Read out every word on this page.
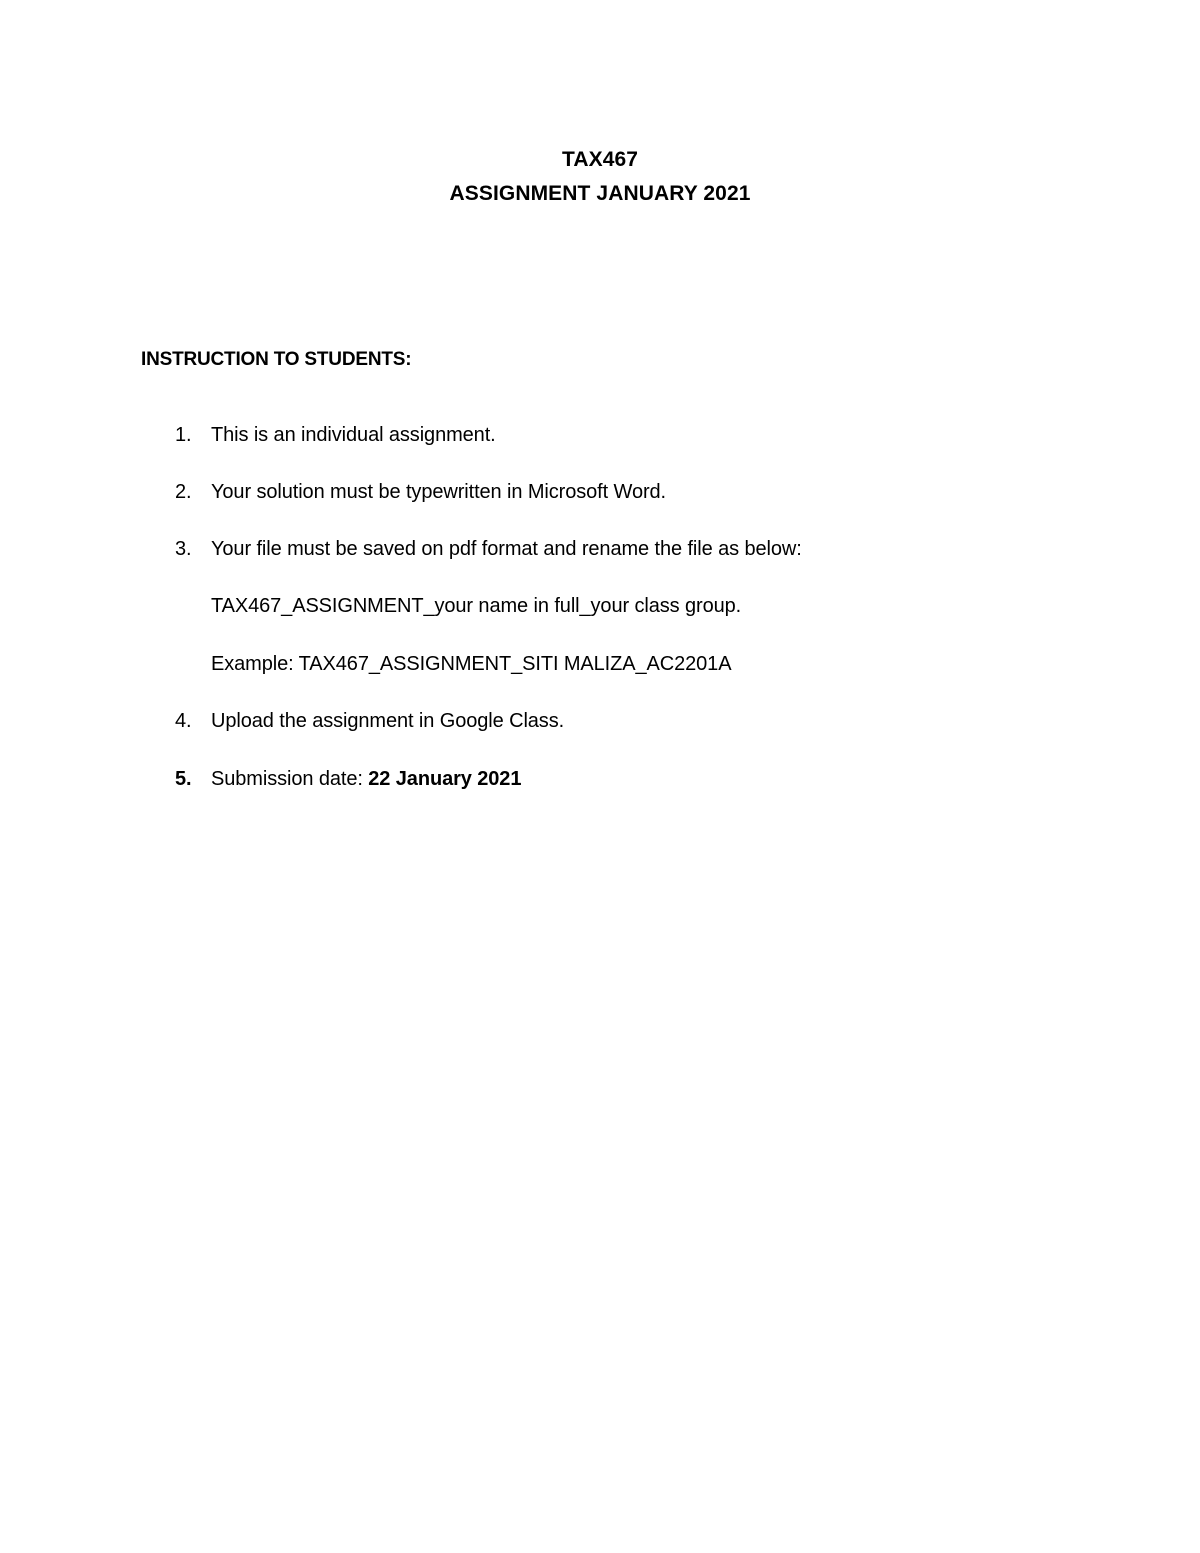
TAX467
ASSIGNMENT JANUARY 2021
INSTRUCTION TO STUDENTS:
1. This is an individual assignment.
2. Your solution must be typewritten in Microsoft Word.
3. Your file must be saved on pdf format and rename the file as below:
TAX467_ASSIGNMENT_your name in full_your class group.
Example: TAX467_ASSIGNMENT_SITI MALIZA_AC2201A
4. Upload the assignment in Google Class.
5. Submission date: 22 January 2021
